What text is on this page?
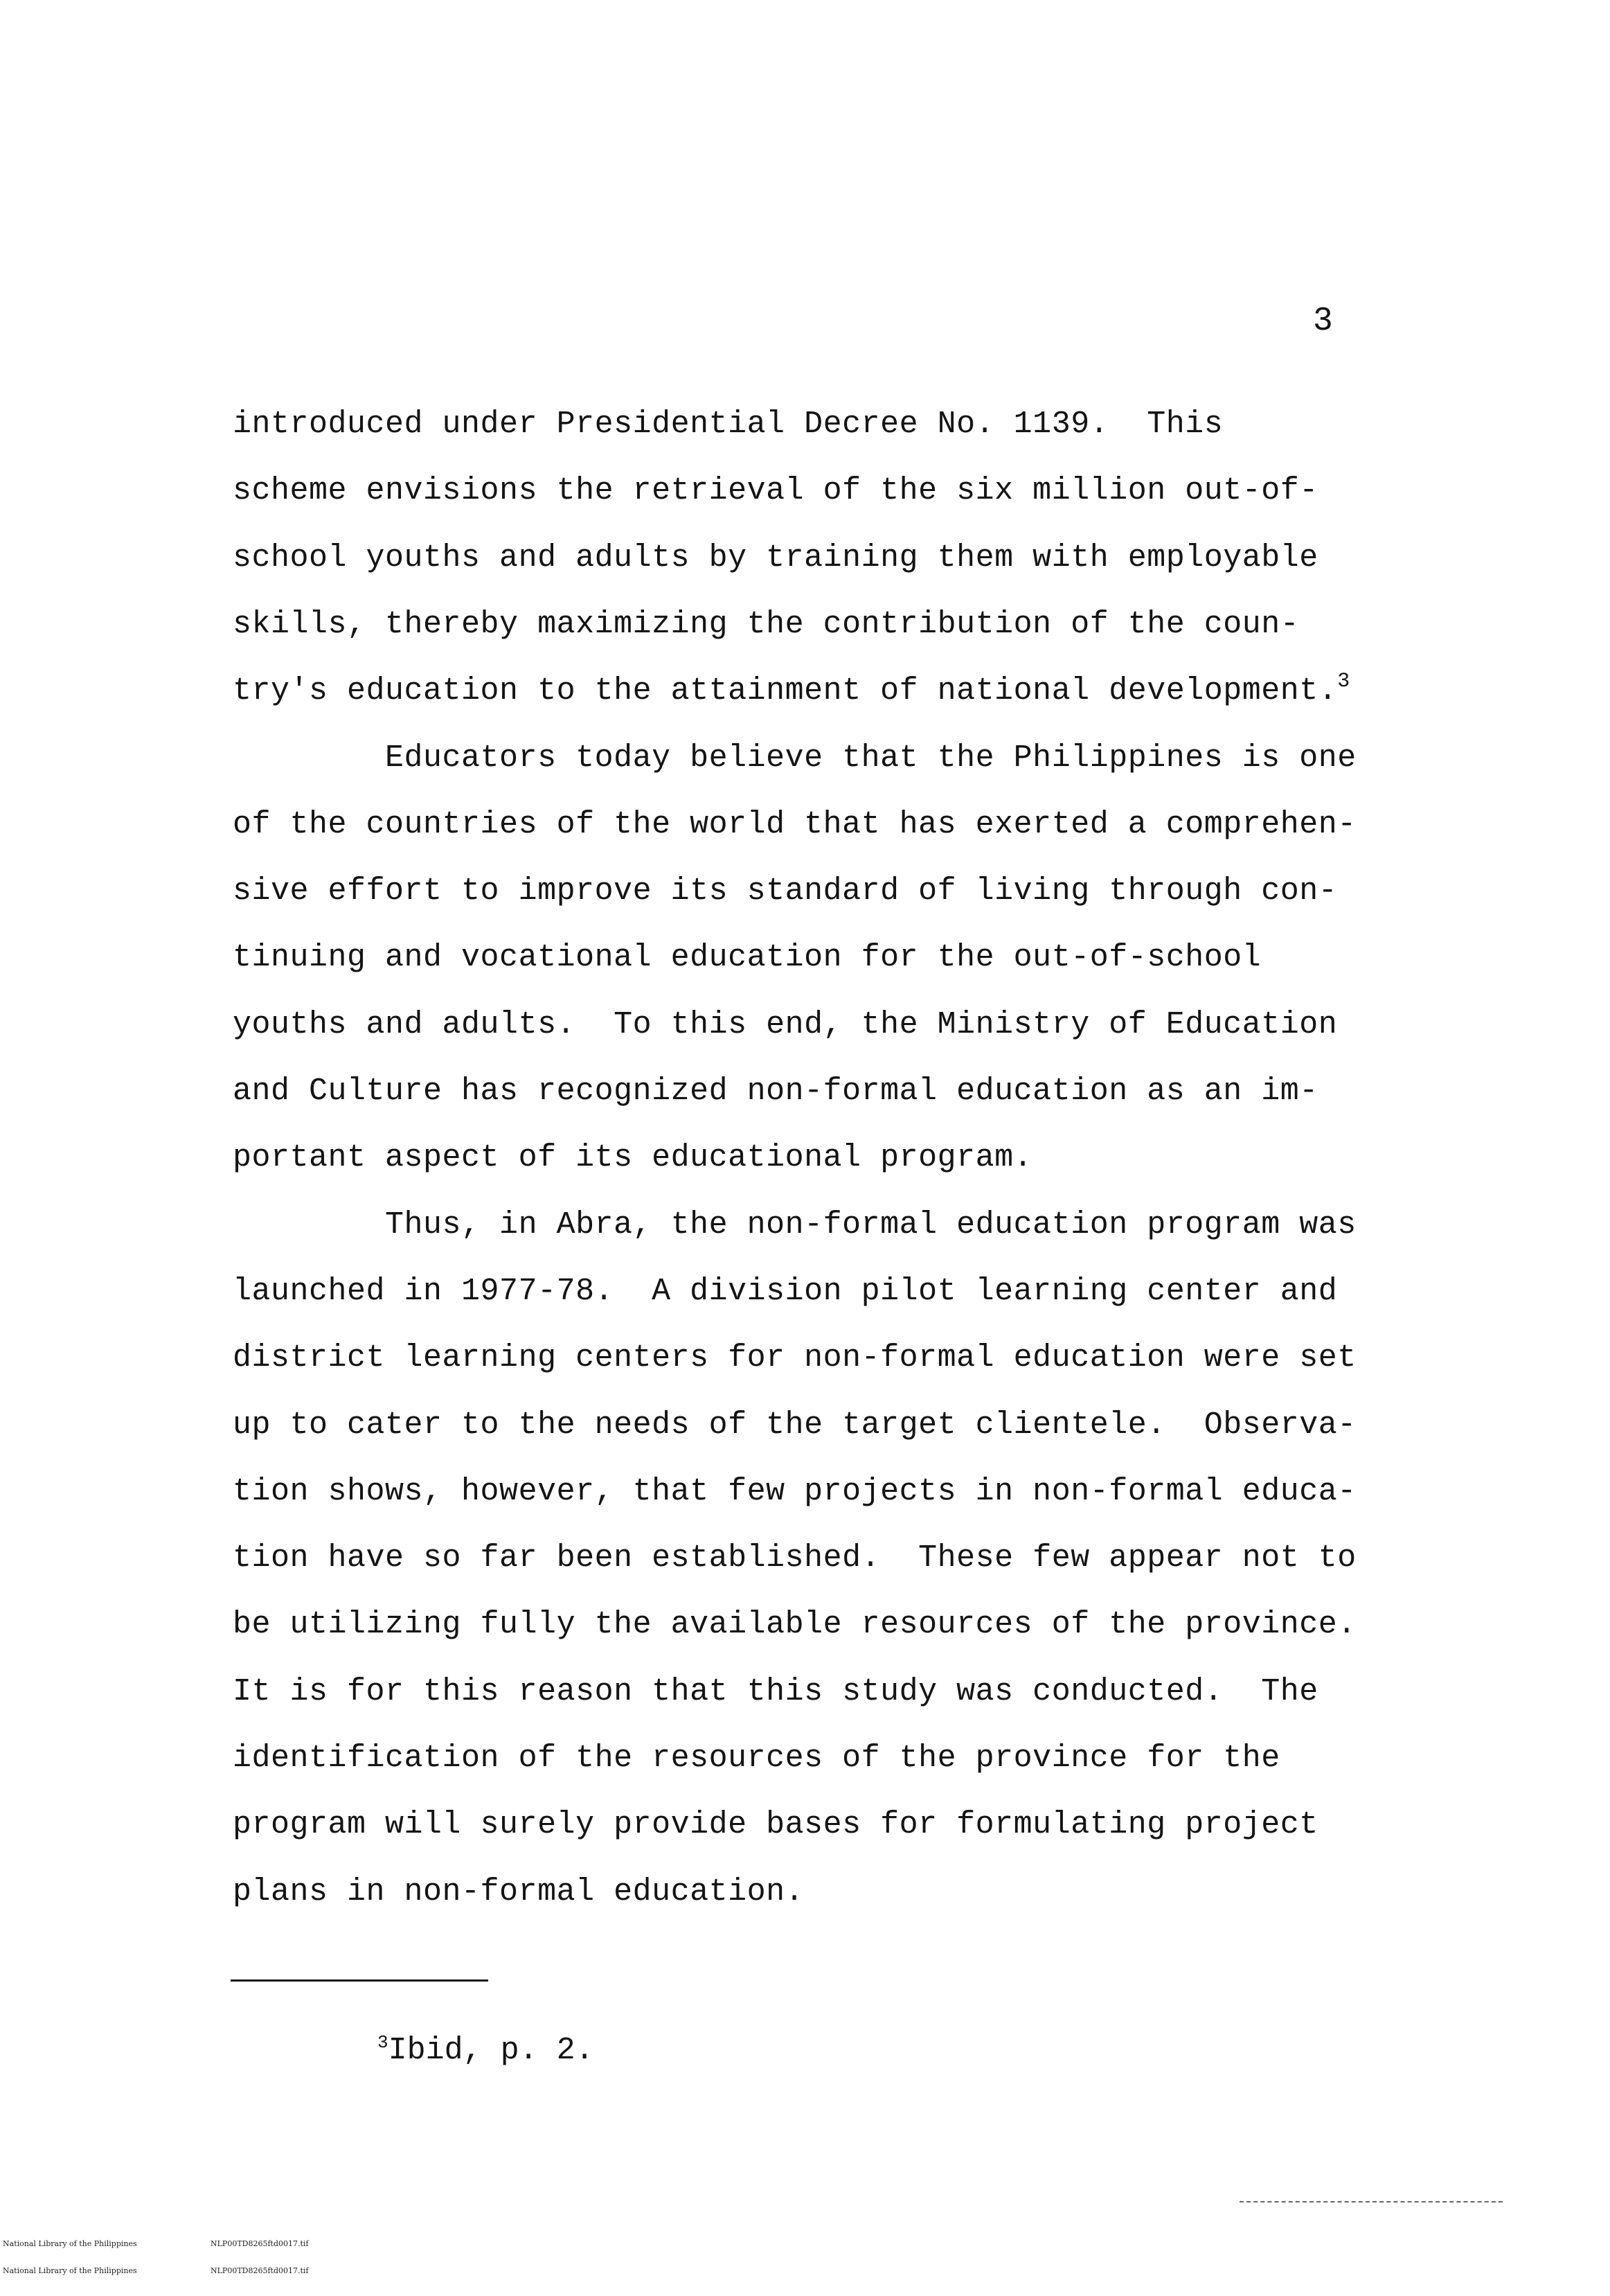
3
introduced under Presidential Decree No. 1139.  This
scheme envisions the retrieval of the six million out-of-
school youths and adults by training them with employable
skills, thereby maximizing the contribution of the coun-
try's education to the attainment of national development.$^3$
Educators today believe that the Philippines is one
of the countries of the world that has exerted a comprehen-
sive effort to improve its standard of living through con-
tinuing and vocational education for the out-of-school
youths and adults.  To this end, the Ministry of Education
and Culture has recognized non-formal education as an im-
portant aspect of its educational program.
Thus, in Abra, the non-formal education program was
launched in 1977-78.  A division pilot learning center and
district learning centers for non-formal education were set
up to cater to the needs of the target clientele.  Observa-
tion shows, however, that few projects in non-formal educa-
tion have so far been established.  These few appear not to
be utilizing fully the available resources of the province.
It is for this reason that this study was conducted.  The
identification of the resources of the province for the
program will surely provide bases for formulating project
plans in non-formal education.
$^3$Ibid, p. 2.

National Library of the Philippines	NLP00TD8265ftd0017.tif

National Library of the Philippines	NLP00TD8265ftd0017.tif
